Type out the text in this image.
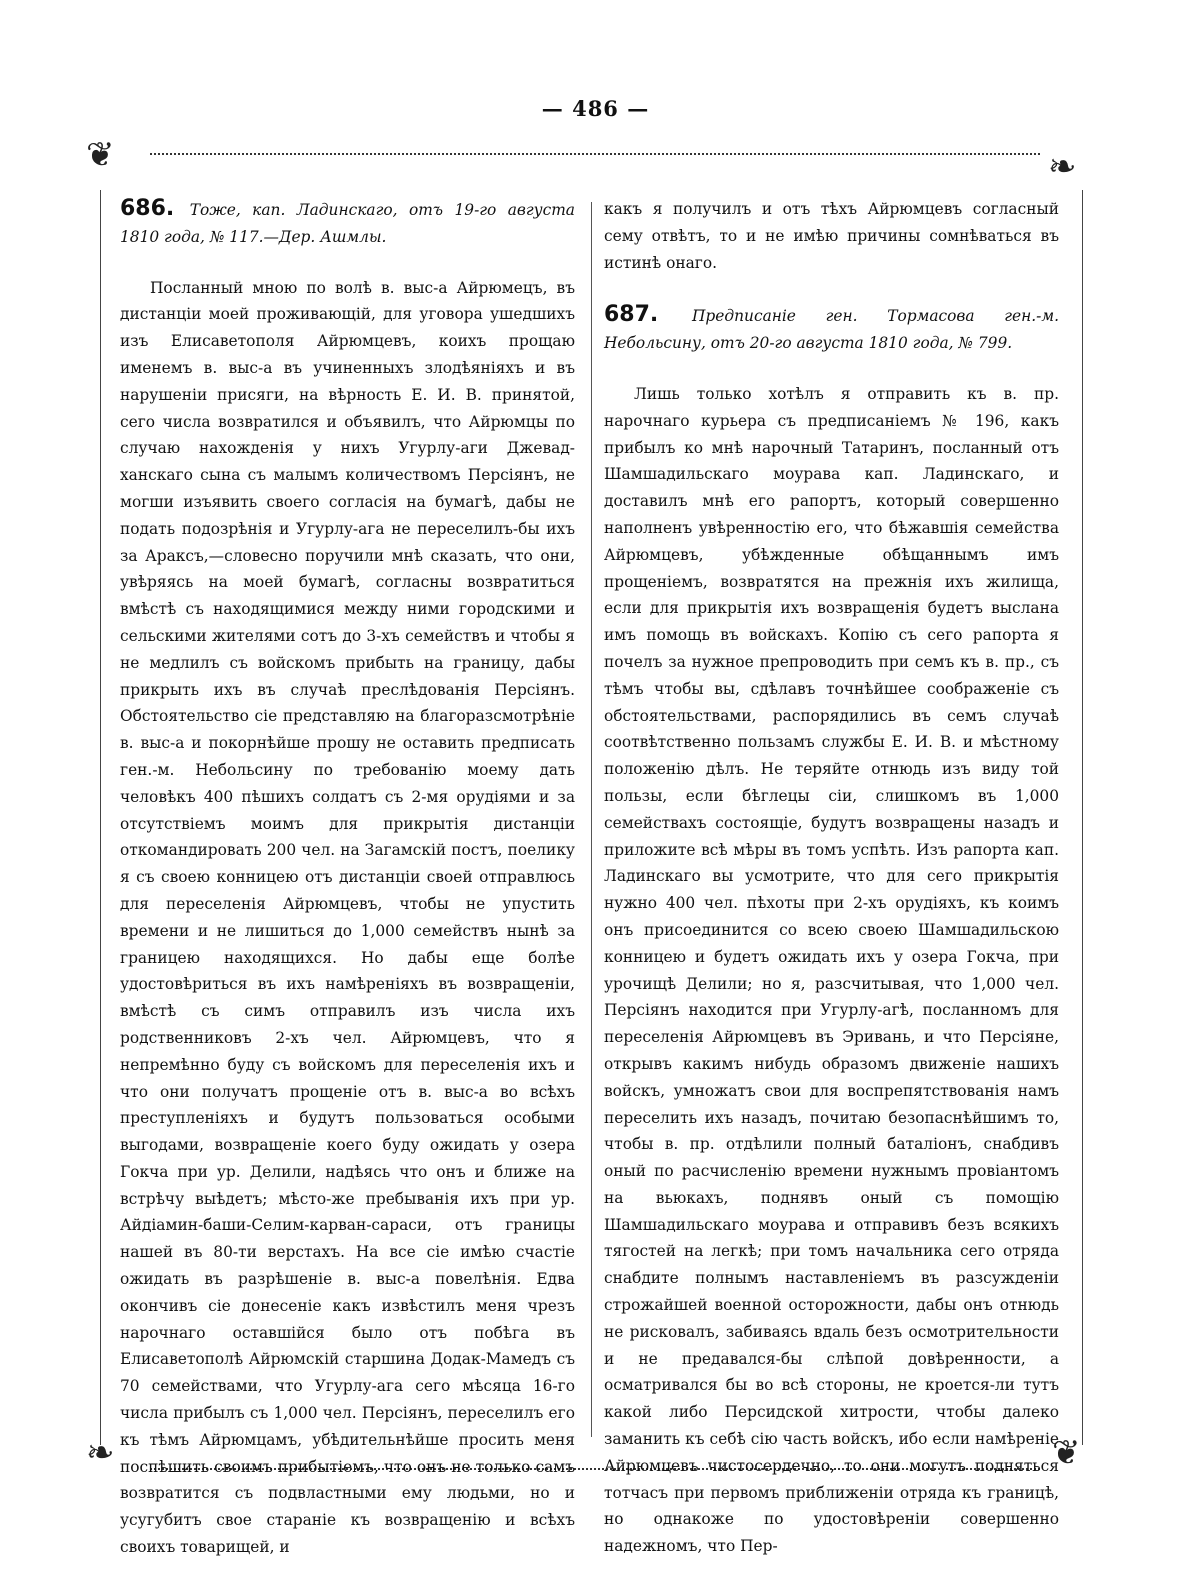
— 486 —
❦	❧
❧	❦

686. Тоже, кап. Ладинскаго, отъ 19-го августа 1810 года, № 117.—Дер. Ашмлы.

Посланный мною по волѣ в. выс-а Айрюмецъ, въ дистанціи моей проживающій, для уговора ушедшихъ изъ Елисаветополя Айрюмцевъ, коихъ прощаю именемъ в. выс-а въ учиненныхъ злодѣяніяхъ и въ нарушеніи присяги, на вѣрность Е. И. В. принятой, сего числа возвратился и объявилъ, что Айрюмцы по случаю нахожденія у нихъ Угурлу-аги Джевад-ханскаго сына съ малымъ количествомъ Персіянъ, не могши изъявить своего согласія на бумагѣ, дабы не подать подозрѣнія и Угурлу-ага не переселилъ-бы ихъ за Араксъ,—словесно поручили мнѣ сказать, что они, увѣряясь на моей бумагѣ, согласны возвратиться вмѣстѣ съ находящимися между ними городскими и сельскими жителями сотъ до 3-хъ семействъ и чтобы я не медлилъ съ войскомъ прибыть на границу, дабы прикрыть ихъ въ случаѣ преслѣдованія Персіянъ. Обстоятельство сіе представляю на благоразсмотрѣніе в. выс-а и покорнѣйше прошу не оставить предписать ген.-м. Небольсину по требованію моему дать человѣкъ 400 пѣшихъ солдатъ съ 2-мя орудіями и за отсутствіемъ моимъ для прикрытія дистанціи откомандировать 200 чел. на Загамскій постъ, поелику я съ своею конницею отъ дистанціи своей отправлюсь для переселенія Айрюмцевъ, чтобы не упустить времени и не лишиться до 1,000 семействъ нынѣ за границею находящихся. Но дабы еще болѣе удостовѣриться въ ихъ намѣреніяхъ въ возвращеніи, вмѣстѣ съ симъ отправилъ изъ числа ихъ родственниковъ 2-хъ чел. Айрюмцевъ, что я непремѣнно буду съ войскомъ для переселенія ихъ и что они получатъ прощеніе отъ в. выс-а во всѣхъ преступленіяхъ и будутъ пользоваться особыми выгодами, возвращеніе коего буду ожидать у озера Гокча при ур. Делили, надѣясь что онъ и ближе на встрѣчу выѣдетъ; мѣсто-же пребыванія ихъ при ур. Айдіамин-баши-Селим-карван-сараси, отъ границы нашей въ 80-ти верстахъ. На все сіе имѣю счастіе ожидать въ разрѣшеніе в. выс-а повелѣнія. Едва окончивъ сіе донесеніе какъ извѣстилъ меня чрезъ нарочнаго оставшійся было отъ побѣга въ Елисаветополѣ Айрюмскій старшина Додак-Мамедъ съ 70 семействами, что Угурлу-ага сего мѣсяца 16-го числа прибылъ съ 1,000 чел. Персіянъ, переселилъ его къ тѣмъ Айрюмцамъ, убѣдительнѣйше просить меня поспѣшить своимъ прибытіемъ, что онъ не только самъ возвратится съ подвластными ему людьми, но и усугубитъ свое стараніе къ возвращенію и всѣхъ своихъ товарищей, и

какъ я получилъ и отъ тѣхъ Айрюмцевъ согласный сему отвѣтъ, то и не имѣю причины сомнѣваться въ истинѣ онаго.

687. Предписаніе ген. Тормасова ген.-м. Небольсину, отъ 20-го августа 1810 года, № 799.

Лишь только хотѣлъ я отправить къ в. пр. нарочнаго курьера съ предписаніемъ № 196, какъ прибылъ ко мнѣ нарочный Татаринъ, посланный отъ Шамшадильскаго моурава кап. Ладинскаго, и доставилъ мнѣ его рапортъ, который совершенно наполненъ увѣренностію его, что бѣжавшія семейства Айрюмцевъ, убѣжденные обѣщаннымъ имъ прощеніемъ, возвратятся на прежнія ихъ жилища, если для прикрытія ихъ возвращенія будетъ выслана имъ помощь въ войскахъ. Копію съ сего рапорта я почелъ за нужное препроводить при семъ къ в. пр., съ тѣмъ чтобы вы, сдѣлавъ точнѣйшее соображеніе съ обстоятельствами, распорядились въ семъ случаѣ соотвѣтственно пользамъ службы Е. И. В. и мѣстному положенію дѣлъ. Не теряйте отнюдь изъ виду той пользы, если бѣглецы сіи, слишкомъ въ 1,000 семействахъ состоящіе, будутъ возвращены назадъ и приложите всѣ мѣры въ томъ успѣть. Изъ рапорта кап. Ладинскаго вы усмотрите, что для сего прикрытія нужно 400 чел. пѣхоты при 2-хъ орудіяхъ, къ коимъ онъ присоединится со всею своею Шамшадильскою конницею и будетъ ожидать ихъ у озера Гокча, при урочищѣ Делили; но я, разсчитывая, что 1,000 чел. Персіянъ находится при Угурлу-агѣ, посланномъ для переселенія Айрюмцевъ въ Эривань, и что Персіяне, открывъ какимъ нибудь образомъ движеніе нашихъ войскъ, умножатъ свои для воспрепятствованія намъ переселить ихъ назадъ, почитаю безопаснѣйшимъ то, чтобы в. пр. отдѣлили полный баталіонъ, снабдивъ оный по расчисленію времени нужнымъ провіантомъ на вьюкахъ, поднявъ оный съ помощію Шамшадильскаго моурава и отправивъ безъ всякихъ тягостей на легкѣ; при томъ начальника сего отряда снабдите полнымъ наставленіемъ въ разсужденіи строжайшей военной осторожности, дабы онъ отнюдь не рисковалъ, забиваясь вдаль безъ осмотрительности и не предавался-бы слѣпой довѣренности, а осматривался бы во всѣ стороны, не кроется-ли тутъ какой либо Персидской хитрости, чтобы далеко заманить къ себѣ сію часть войскъ, ибо если намѣреніе Айрюмцевъ чистосердечно, то они могутъ подняться тотчасъ при первомъ приближеніи отряда къ границѣ, но однакоже по удостовѣреніи совершенно надежномъ, что Пер-
